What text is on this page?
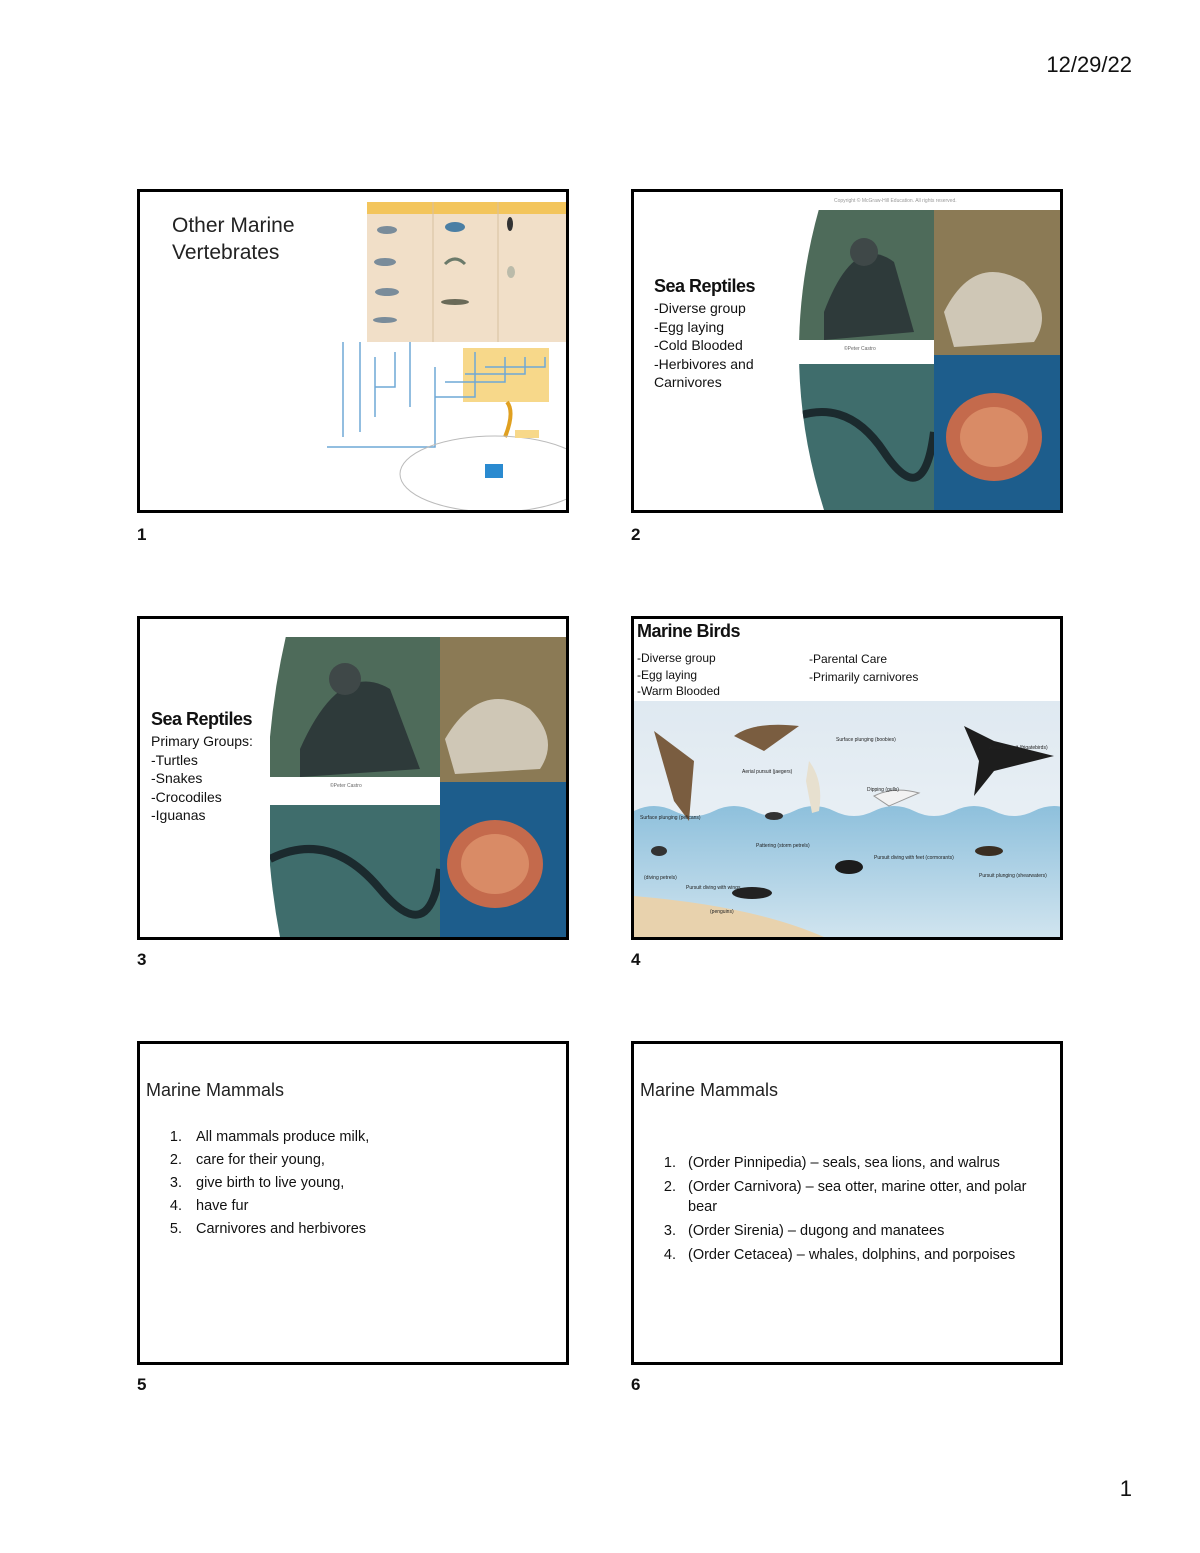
12/29/22
Other Marine
Vertebrates
1
Copyright © McGraw-Hill Education. All rights reserved.
©Peter Castro
Sea Reptiles
-Diverse group
-Egg laying
-Cold Blooded
-Herbivores and
Carnivores
2
©Peter Castro
Sea Reptiles
Primary Groups:
-Turtles
-Snakes
-Crocodiles
-Iguanas
3
Marine Birds
-Diverse group
-Egg laying
-Warm Blooded
-Parental Care
-Primarily carnivores
Surface plunging (pelicans)
Aerial pursuit (jaegers)
Surface plunging (boobies)
Aerial pursuit (frigatebirds)
Dipping (gulls)
Pattering (storm petrels)
(diving petrels)
Pursuit diving with wings
(penguins)
Pursuit diving with feet (cormorants)
Pursuit plunging (shearwaters)
4
Marine Mammals
1. All mammals produce milk,
2. care for their young,
3. give birth to live young,
4. have fur
5. Carnivores and herbivores
5
Marine Mammals
1. (Order Pinnipedia) – seals, sea lions, and walrus
2. (Order Carnivora) – sea otter, marine otter, and polar bear
3. (Order Sirenia) – dugong and manatees
4. (Order Cetacea) – whales, dolphins, and porpoises
6
1
